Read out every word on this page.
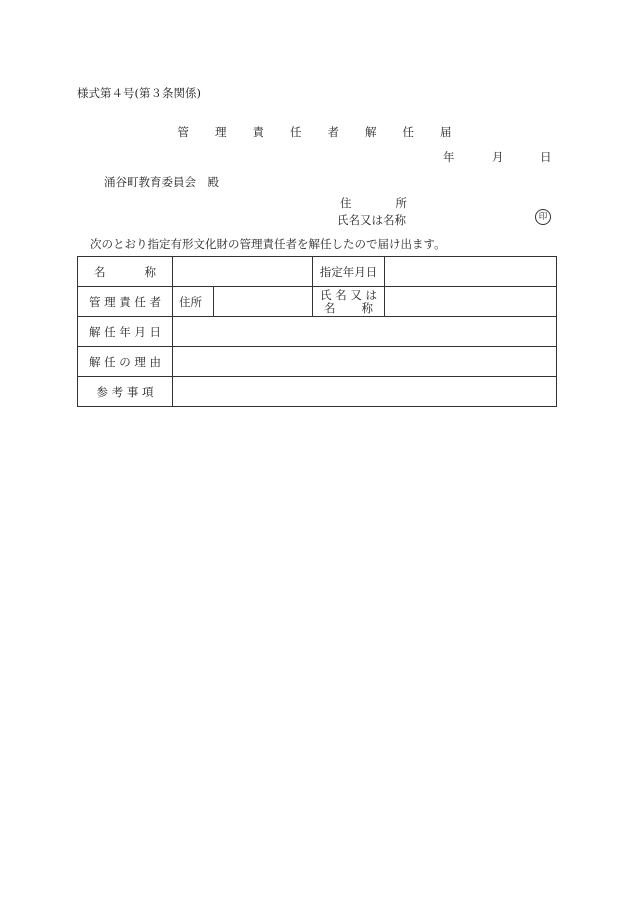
様式第４号(第３条関係)
管　　 理　　 責　　 任　　 者　　 解　　 任　　 届
年	月	日
涌谷町教育委員会　殿
住	所
氏名又は名称	印
次のとおり指定有形文化財の管理責任者を解任したので届け出ます。
名 称			指定年月日	
管 理 責 任 者	住所		氏 名 又 は
名 称	

解 任 年 月 日				
解 任 の 理 由				
参 考 事 項				
